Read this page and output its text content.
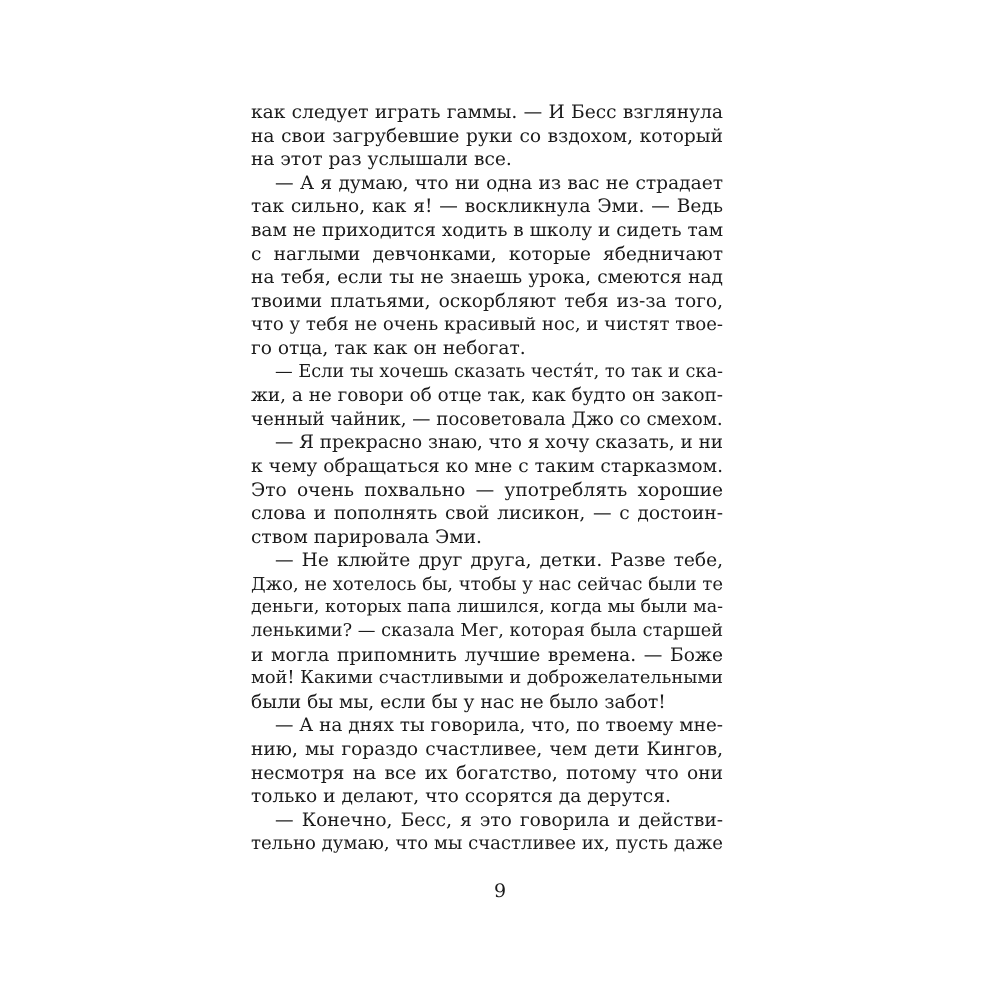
как следует играть гаммы. — И Бесс взглянула
на свои загрубевшие руки со вздохом, который
на этот раз услышали все.
— А я думаю, что ни одна из вас не страдает
так сильно, как я! — воскликнула Эми. — Ведь
вам не приходится ходить в школу и сидеть там
с наглыми девчонками, которые ябедничают
на тебя, если ты не знаешь урока, смеются над
твоими платьями, оскорбляют тебя из-за того,
что у тебя не очень красивый нос, и чистят твое-
го отца, так как он небогат.
— Если ты хочешь сказать честя́т, то так и ска-
жи, а не говори об отце так, как будто он закоп-
ченный чайник, — посоветовала Джо со смехом.
— Я прекрасно знаю, что я хочу сказать, и ни
к чему обращаться ко мне с таким старказмом.
Это очень похвально — употреблять хорошие
слова и пополнять свой лисикон, — с достоин-
ством парировала Эми.
— Не клюйте друг друга, детки. Разве тебе,
Джо, не хотелось бы, чтобы у нас сейчас были те
деньги, которых папа лишился, когда мы были ма-
ленькими? — сказала Мег, которая была старшей
и могла припомнить лучшие времена. — Боже
мой! Какими счастливыми и доброжелательными
были бы мы, если бы у нас не было забот!
— А на днях ты говорила, что, по твоему мне-
нию, мы гораздо счастливее, чем дети Кингов,
несмотря на все их богатство, потому что они
только и делают, что ссорятся да дерутся.
— Конечно, Бесс, я это говорила и действи-
тельно думаю, что мы счастливее их, пусть даже
9
